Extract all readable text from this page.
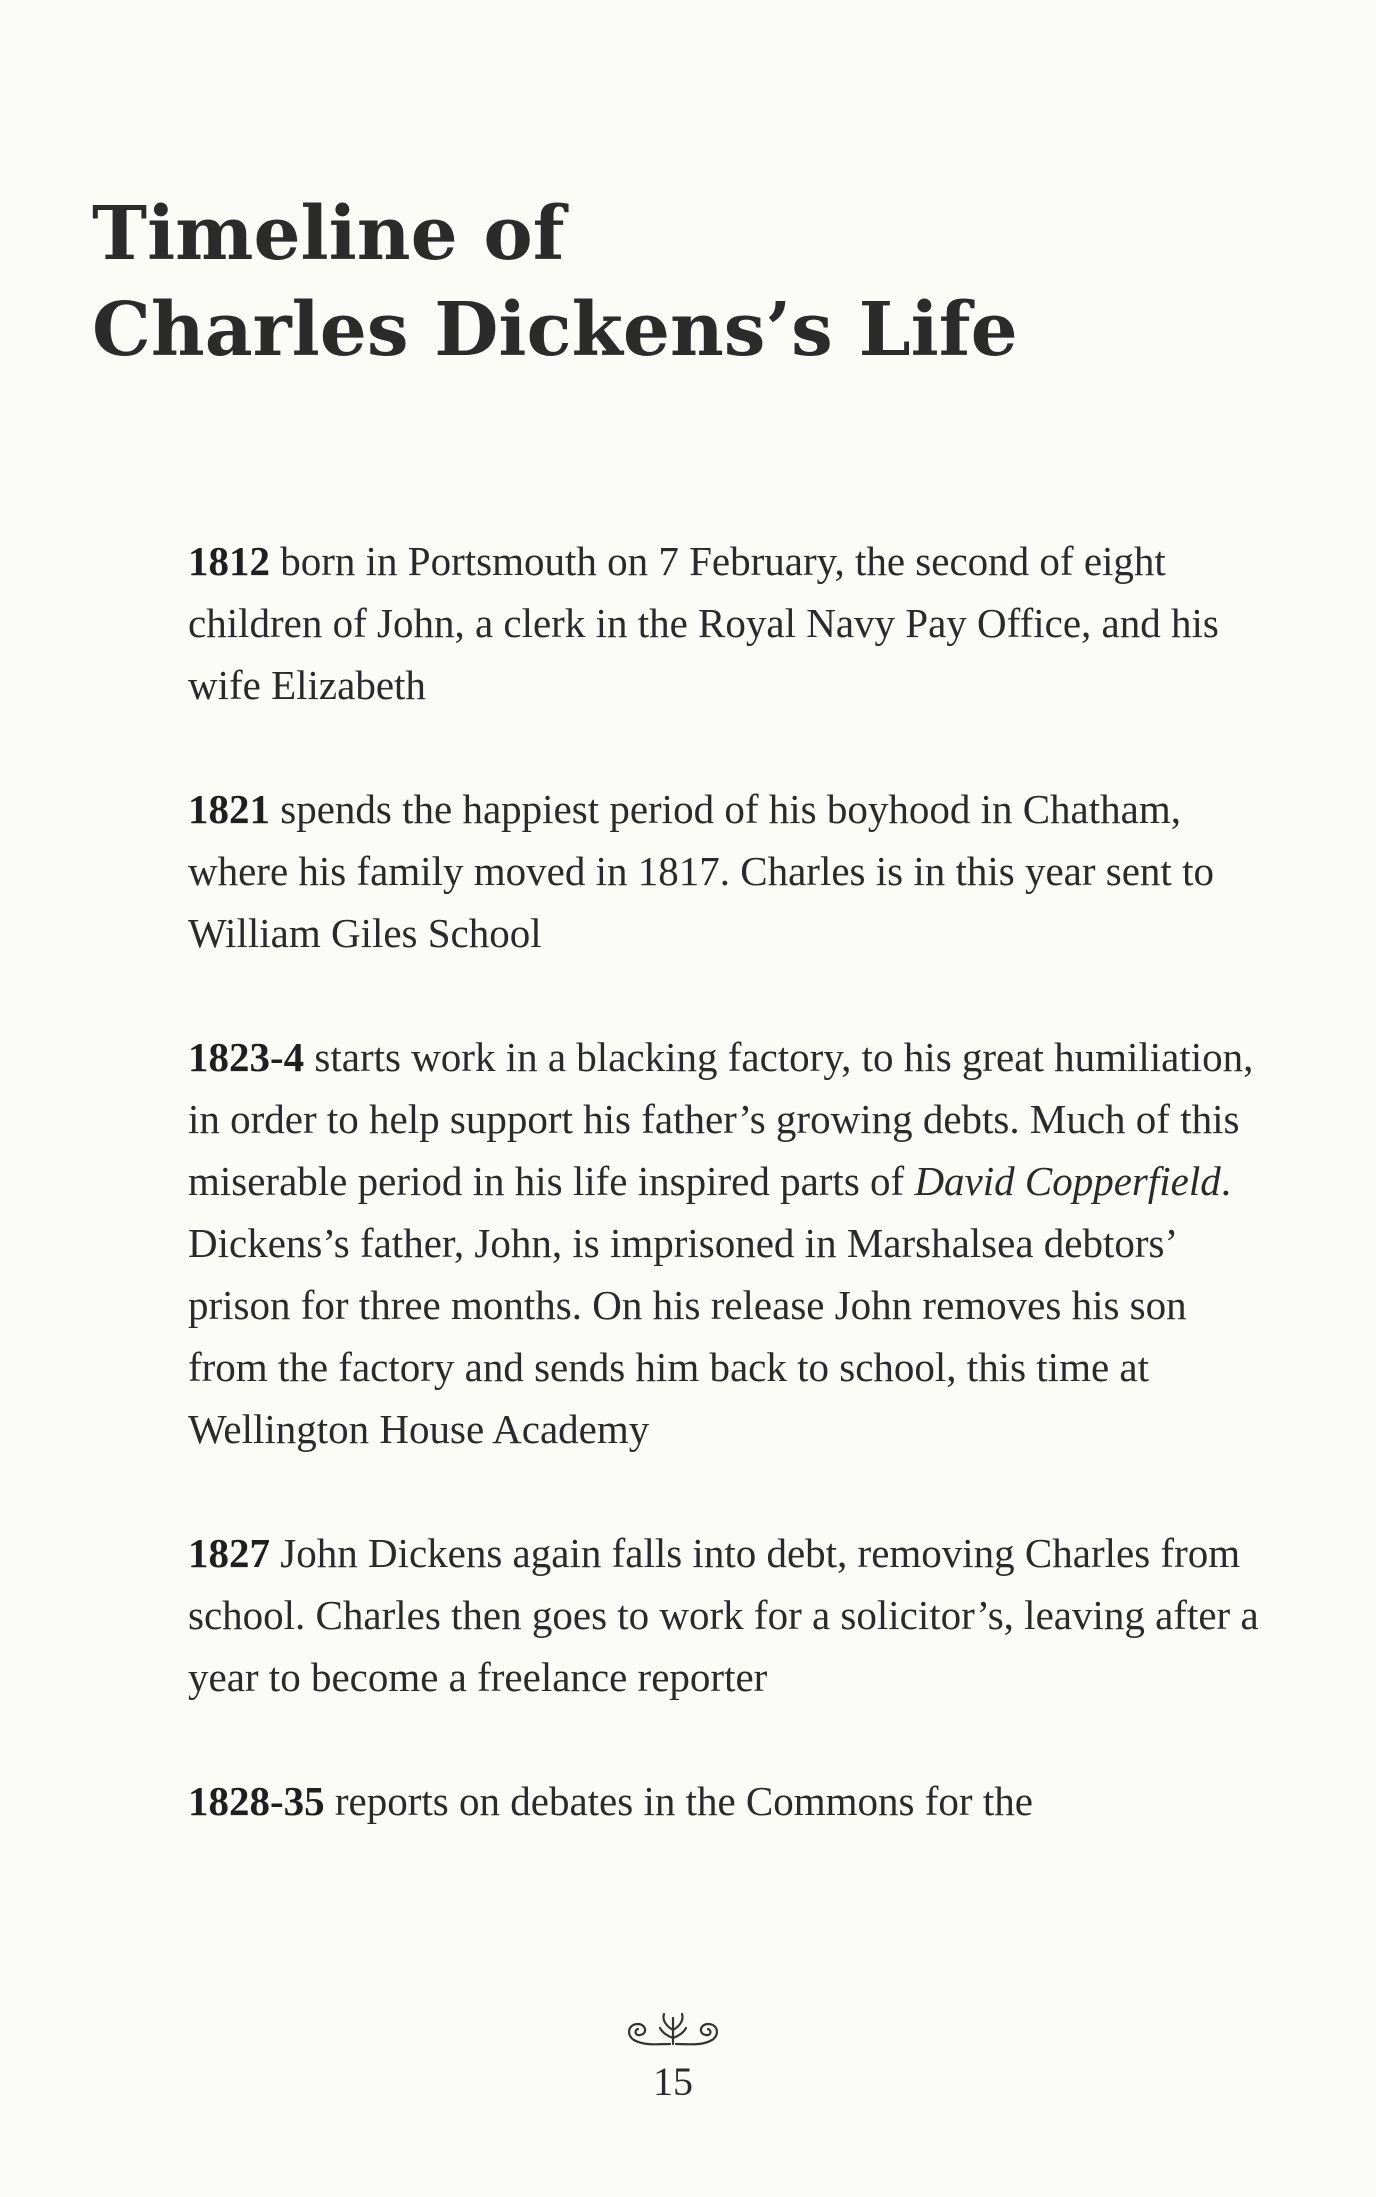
Timeline of
Charles Dickens’s Life

1812 born in Portsmouth on 7 February, the second of eight children of John, a clerk in the Royal Navy Pay Office, and his wife Elizabeth

1821 spends the happiest period of his boyhood in Chatham, where his family moved in 1817. Charles is in this year sent to William Giles School

1823-4 starts work in a blacking factory, to his great humiliation, in order to help support his father’s growing debts. Much of this miserable period in his life inspired parts of David Copperfield. Dickens’s father, John, is imprisoned in Marshalsea debtors’ prison for three months. On his release John removes his son from the factory and sends him back to school, this time at Wellington House Academy

1827 John Dickens again falls into debt, removing Charles from school. Charles then goes to work for a solicitor’s, leaving after a year to become a freelance reporter

1828-35 reports on debates in the Commons for the

15
